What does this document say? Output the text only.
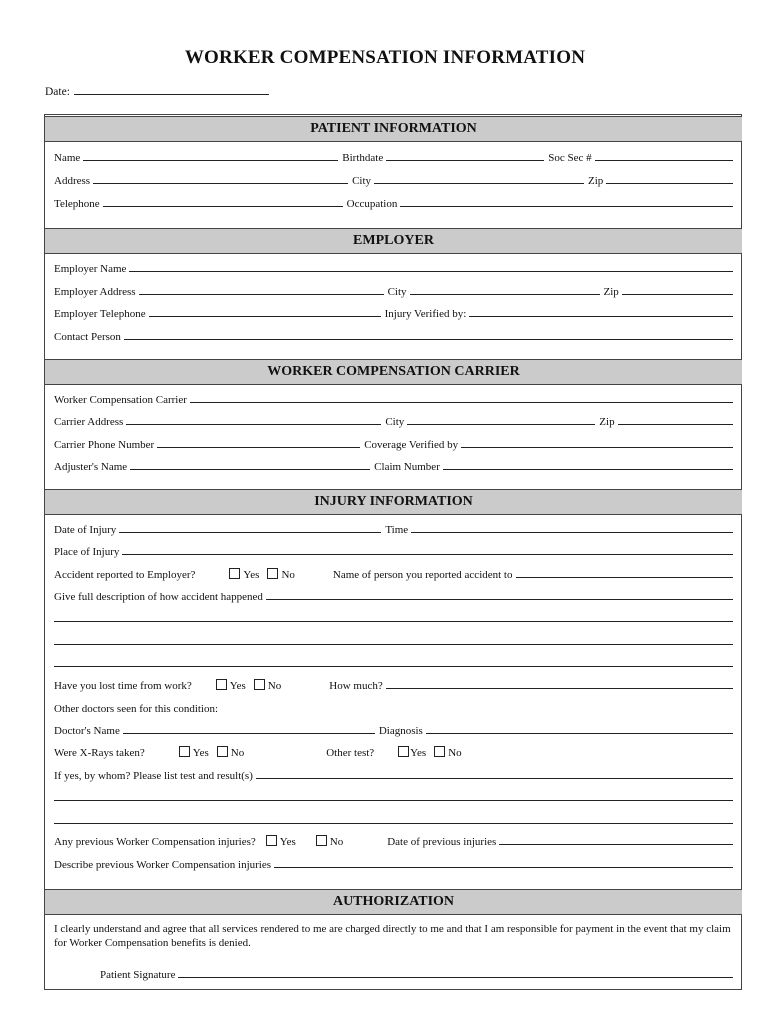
WORKER COMPENSATION INFORMATION
Date:
PATIENT INFORMATION
Name	Birthdate	Soc Sec #
Address	City	Zip
Telephone	Occupation
EMPLOYER
Employer Name
Employer Address	City	Zip
Employer Telephone	Injury Verified by:
Contact Person
WORKER COMPENSATION CARRIER
Worker Compensation Carrier
Carrier Address	City	Zip
Carrier Phone Number	Coverage Verified by
Adjuster's Name	Claim Number
INJURY INFORMATION
Date of Injury	Time
Place of Injury
Accident reported to Employer?	Yes No	Name of person you reported accident to
Give full description of how accident happened
Have you lost time from work?	Yes No	How much?
Other doctors seen for this condition:
Doctor's Name	Diagnosis
Were X-Rays taken?	Yes No	Other test?	Yes No
If yes, by whom? Please list test and result(s)
Any previous Worker Compensation injuries? Yes	No	Date of previous injuries
Describe previous Worker Compensation injuries
AUTHORIZATION
I clearly understand and agree that all services rendered to me are charged directly to me and that I am responsible for payment in the event that my claim for Worker Compensation benefits is denied.
Patient Signature
